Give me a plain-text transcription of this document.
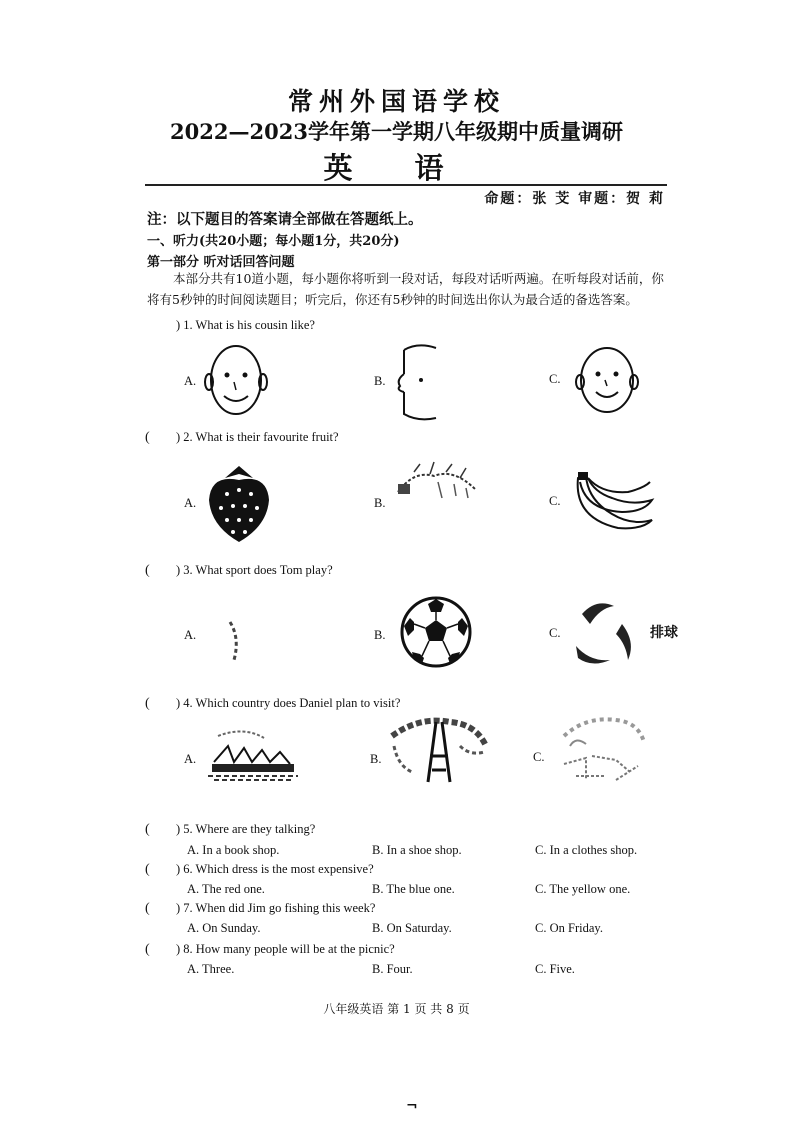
常州外国语学校
2022—2023学年第一学期八年级期中质量调研
英 语
命题：张 芠 审题：贺 莉
注：以下题目的答案请全部做在答题纸上。
一、听力(共20小题；每小题1分，共20分)
第一部分 听对话回答问题
本部分共有10道小题，每小题你将听到一段对话，每段对话听两遍。在听每段对话前，你将有5秒钟的时间阅读题目；听完后，你还有5秒钟的时间选出你认为最合适的备选答案。
) 1. What is his cousin like?
A.	B.	C.
( ) 2. What is their favourite fruit?
A.	B.	C.
( ) 3. What sport does Tom play?
A.	B.	C.	排球
( ) 4. Which country does Daniel plan to visit?
A.	B.	C.
( ) 5. Where are they talking?
A. In a book shop.	B. In a shoe shop.	C. In a clothes shop.
( ) 6. Which dress is the most expensive?
A. The red one.	B. The blue one.	C. The yellow one.
( ) 7. When did Jim go fishing this week?
A. On Sunday.	B. On Saturday.	C. On Friday.
( ) 8. How many people will be at the picnic?
A. Three.	B. Four.	C. Five.
八年级英语 第 1 页 共 8 页
¬
